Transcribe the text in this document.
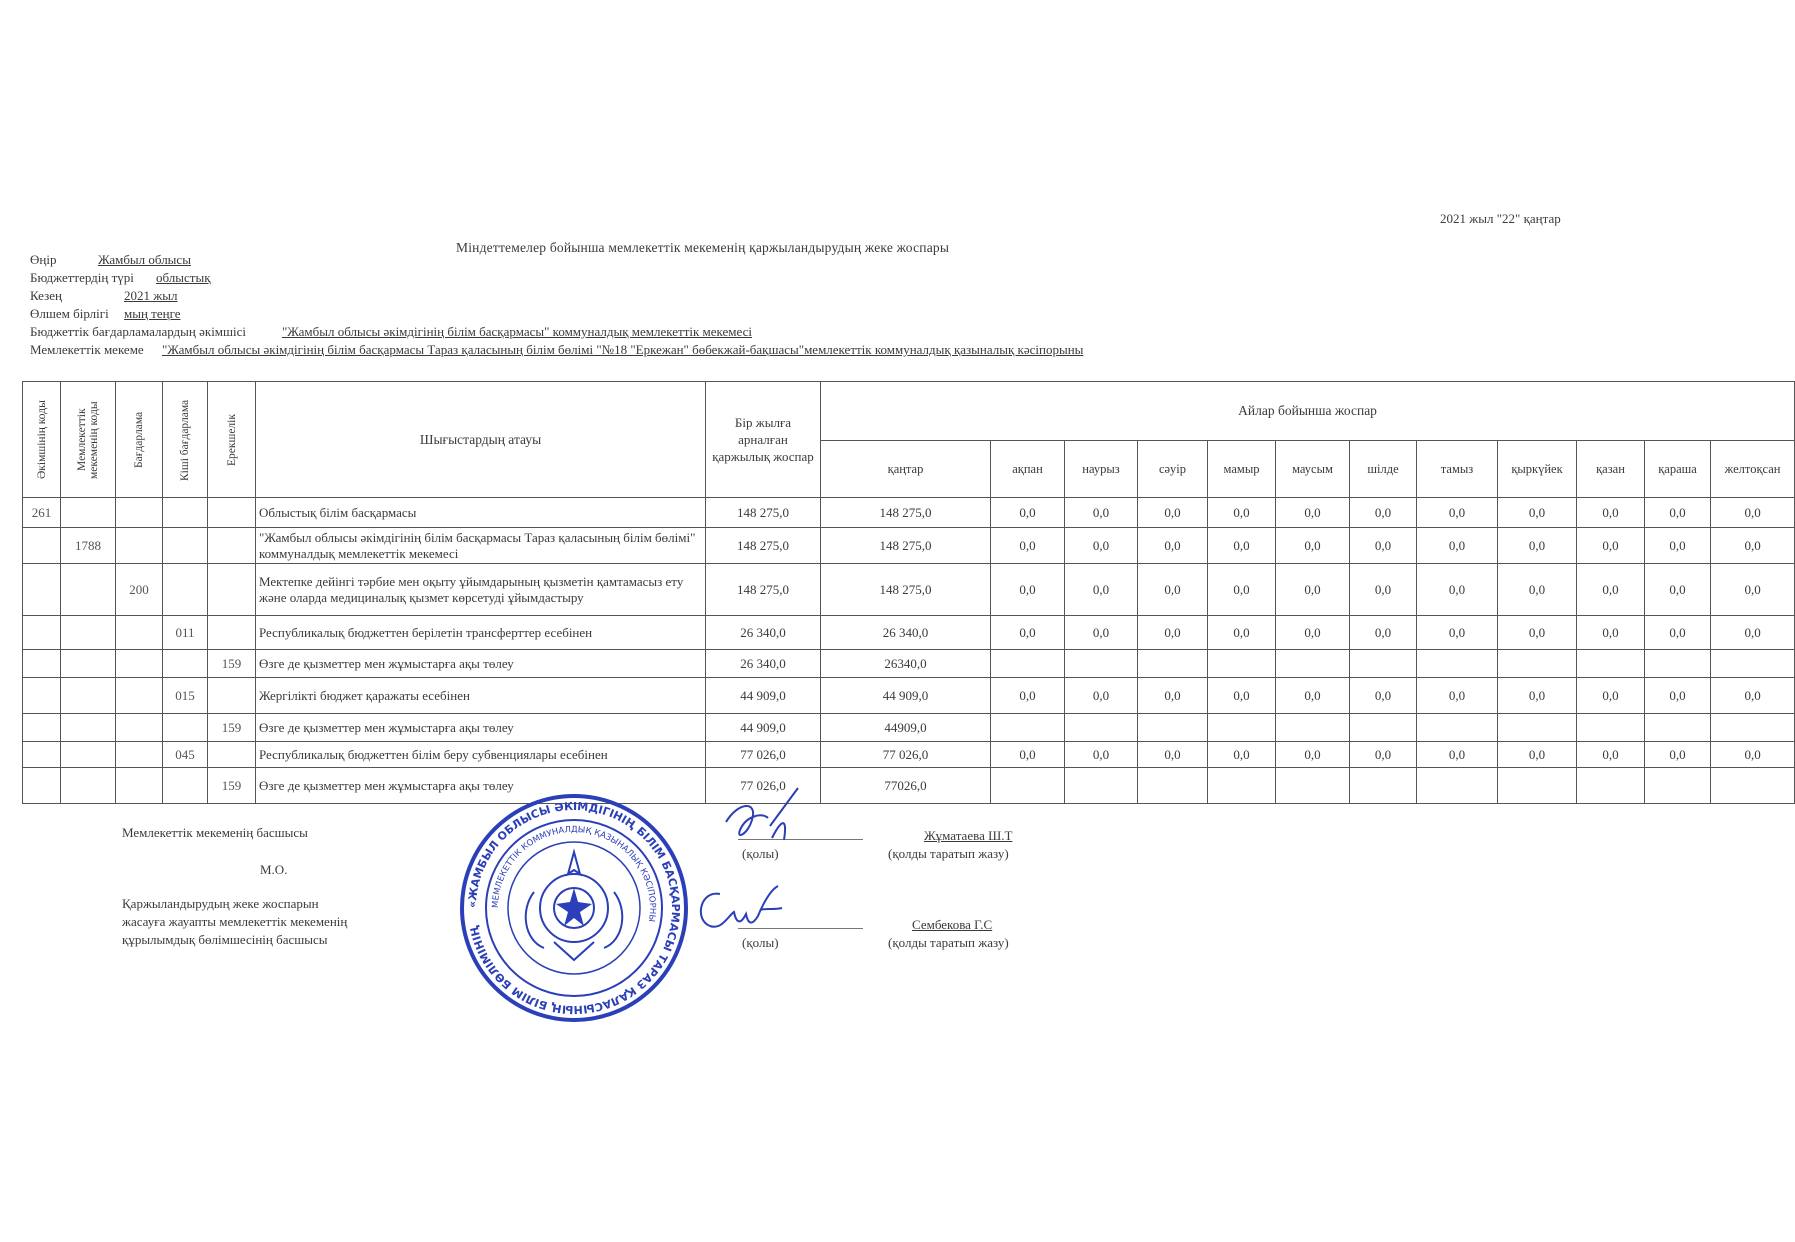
2021 жыл "22" қаңтар
Міндеттемелер бойынша мемлекеттік мекеменің қаржыландырудың жеке жоспары
Өңір	Жамбыл облысы
Бюджеттердің түрі облыстық
Кезең	2021 жыл
Өлшем бірлігі мың теңге
Бюджеттік бағдарламалардың әкімшісі	"Жамбыл облысы әкімдігінің білім басқармасы" коммуналдық мемлекеттік мекемесі
Мемлекеттік мекеме "Жамбыл облысы әкімдігінің білім басқармасы Тараз қаласының білім бөлімі "№18 "Еркежан" бөбекжай-бақшасы"мемлекеттік коммуналдық қазыналық кәсіпорыны
Әкімшінің коды	Мемлекеттік мекеменің коды	Бағдарлама	Кіші бағдарлама	Ерекшелік	Шығыстардың атауы	Бір жылға арналған қаржылық жоспар	Айлар бойынша жоспар											
							қаңтар	ақпан	наурыз	сәуір	мамыр	маусым	шілде	тамыз	қыркүйек	қазан	қараша	желтоқсан
261					Облыстық білім басқармасы	148 275,0	148 275,0	0,0	0,0	0,0	0,0	0,0	0,0	0,0	0,0	0,0	0,0	0,0
	1788				"Жамбыл облысы әкімдігінің білім басқармасы Тараз қаласының білім бөлімі" коммуналдық мемлекеттік мекемесі	148 275,0	148 275,0	0,0	0,0	0,0	0,0	0,0	0,0	0,0	0,0	0,0	0,0	0,0
		200			Мектепке дейінгі тәрбие мен оқыту ұйымдарының қызметін қамтамасыз ету және оларда медициналық қызмет көрсетуді ұйымдастыру	148 275,0	148 275,0	0,0	0,0	0,0	0,0	0,0	0,0	0,0	0,0	0,0	0,0	0,0
			011		Республикалық бюджеттен берілетін трансферттер есебінен	26 340,0	26 340,0	0,0	0,0	0,0	0,0	0,0	0,0	0,0	0,0	0,0	0,0	0,0
				159	Өзге де қызметтер мен жұмыстарға ақы төлеу	26 340,0	26340,0											
			015		Жергілікті бюджет қаражаты есебінен	44 909,0	44 909,0	0,0	0,0	0,0	0,0	0,0	0,0	0,0	0,0	0,0	0,0	0,0
				159	Өзге де қызметтер мен жұмыстарға ақы төлеу	44 909,0	44909,0											
			045		Республикалық бюджеттен білім беру субвенциялары есебінен	77 026,0	77 026,0	0,0	0,0	0,0	0,0	0,0	0,0	0,0	0,0	0,0	0,0	0,0
				159	Өзге де қызметтер мен жұмыстарға ақы төлеу	77 026,0	77026,0											
Мемлекеттік мекеменің басшысы
М.О.
Қаржыландырудың жеке жоспарын
жасауға жауапты мемлекеттік мекеменің
құрылымдық бөлімшесінің басшысы
(қолы)
Жұматаева Ш.Т
(қолды таратып жазу)
(қолы)
Сембекова Г.С
(қолды таратып жазу)
«ЖАМБЫЛ ОБЛЫСЫ ӘКІМДІГІНІҢ БІЛІМ БАСҚАРМАСЫ ТАРАЗ ҚАЛАСЫНЫҢ БІЛІМ БӨЛІМІНІҢ
МЕМЛЕКЕТТІК КОММУНАЛДЫҚ ҚАЗЫНАЛЫҚ КӘСІПОРНЫ
